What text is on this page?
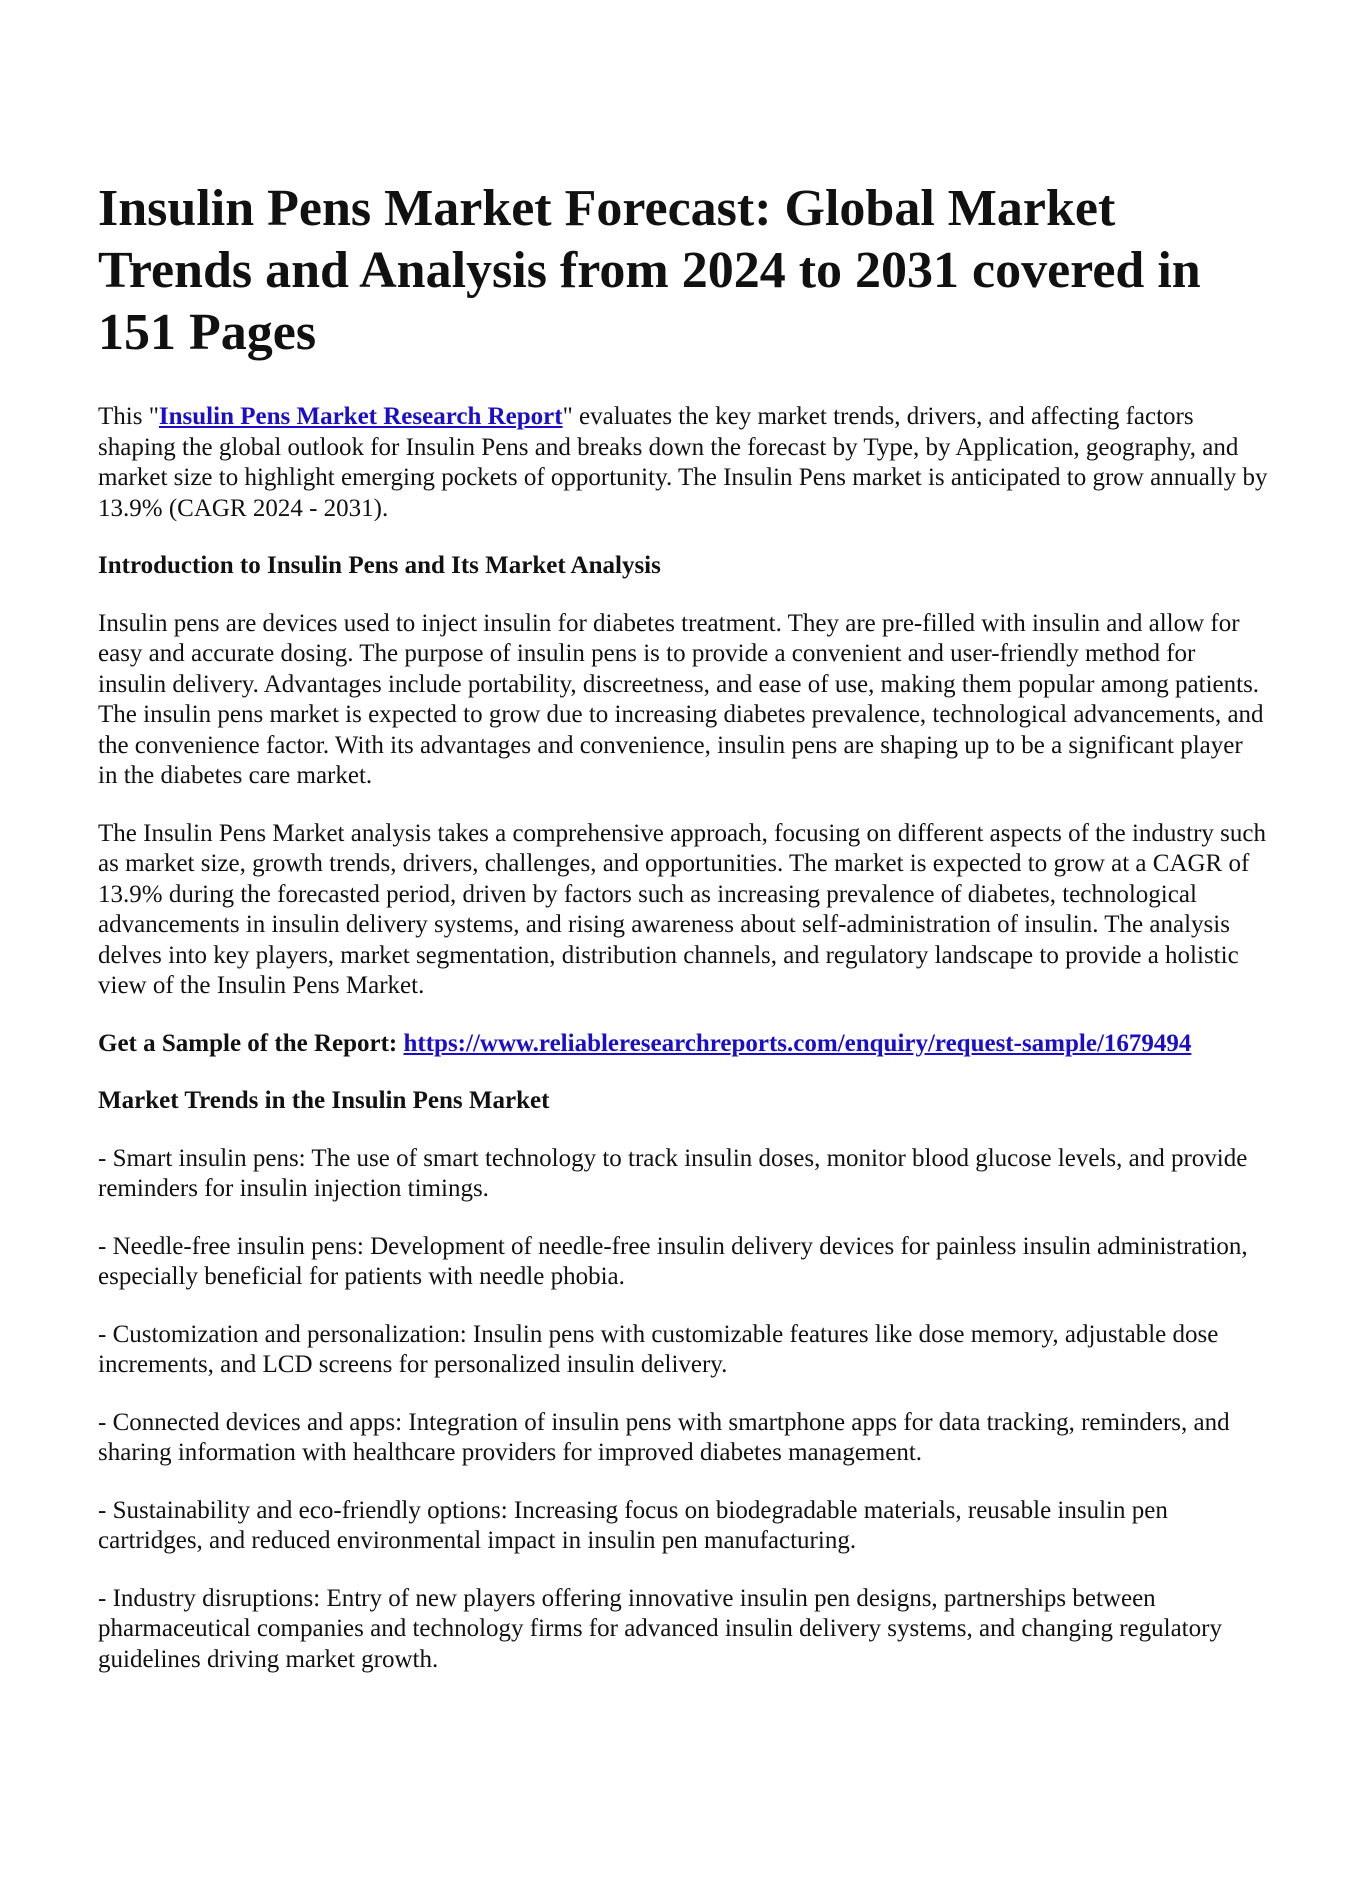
Insulin Pens Market Forecast: Global Market Trends and Analysis from 2024 to 2031 covered in 151 Pages

This "Insulin Pens Market Research Report" evaluates the key market trends, drivers, and affecting factors shaping the global outlook for Insulin Pens and breaks down the forecast by Type, by Application, geography, and market size to highlight emerging pockets of opportunity. The Insulin Pens market is anticipated to grow annually by 13.9% (CAGR 2024 - 2031).

Introduction to Insulin Pens and Its Market Analysis

Insulin pens are devices used to inject insulin for diabetes treatment. They are pre-filled with insulin and allow for easy and accurate dosing. The purpose of insulin pens is to provide a convenient and user-friendly method for insulin delivery. Advantages include portability, discreetness, and ease of use, making them popular among patients. The insulin pens market is expected to grow due to increasing diabetes prevalence, technological advancements, and the convenience factor. With its advantages and convenience, insulin pens are shaping up to be a significant player in the diabetes care market.

The Insulin Pens Market analysis takes a comprehensive approach, focusing on different aspects of the industry such as market size, growth trends, drivers, challenges, and opportunities. The market is expected to grow at a CAGR of 13.9% during the forecasted period, driven by factors such as increasing prevalence of diabetes, technological advancements in insulin delivery systems, and rising awareness about self-administration of insulin. The analysis delves into key players, market segmentation, distribution channels, and regulatory landscape to provide a holistic view of the Insulin Pens Market.

Get a Sample of the Report: https://www.reliableresearchreports.com/enquiry/request-sample/1679494
Market Trends in the Insulin Pens Market

- Smart insulin pens: The use of smart technology to track insulin doses, monitor blood glucose levels, and provide reminders for insulin injection timings.

- Needle-free insulin pens: Development of needle-free insulin delivery devices for painless insulin administration, especially beneficial for patients with needle phobia.

- Customization and personalization: Insulin pens with customizable features like dose memory, adjustable dose increments, and LCD screens for personalized insulin delivery.

- Connected devices and apps: Integration of insulin pens with smartphone apps for data tracking, reminders, and sharing information with healthcare providers for improved diabetes management.

- Sustainability and eco-friendly options: Increasing focus on biodegradable materials, reusable insulin pen cartridges, and reduced environmental impact in insulin pen manufacturing.

- Industry disruptions: Entry of new players offering innovative insulin pen designs, partnerships between pharmaceutical companies and technology firms for advanced insulin delivery systems, and changing regulatory guidelines driving market growth.
